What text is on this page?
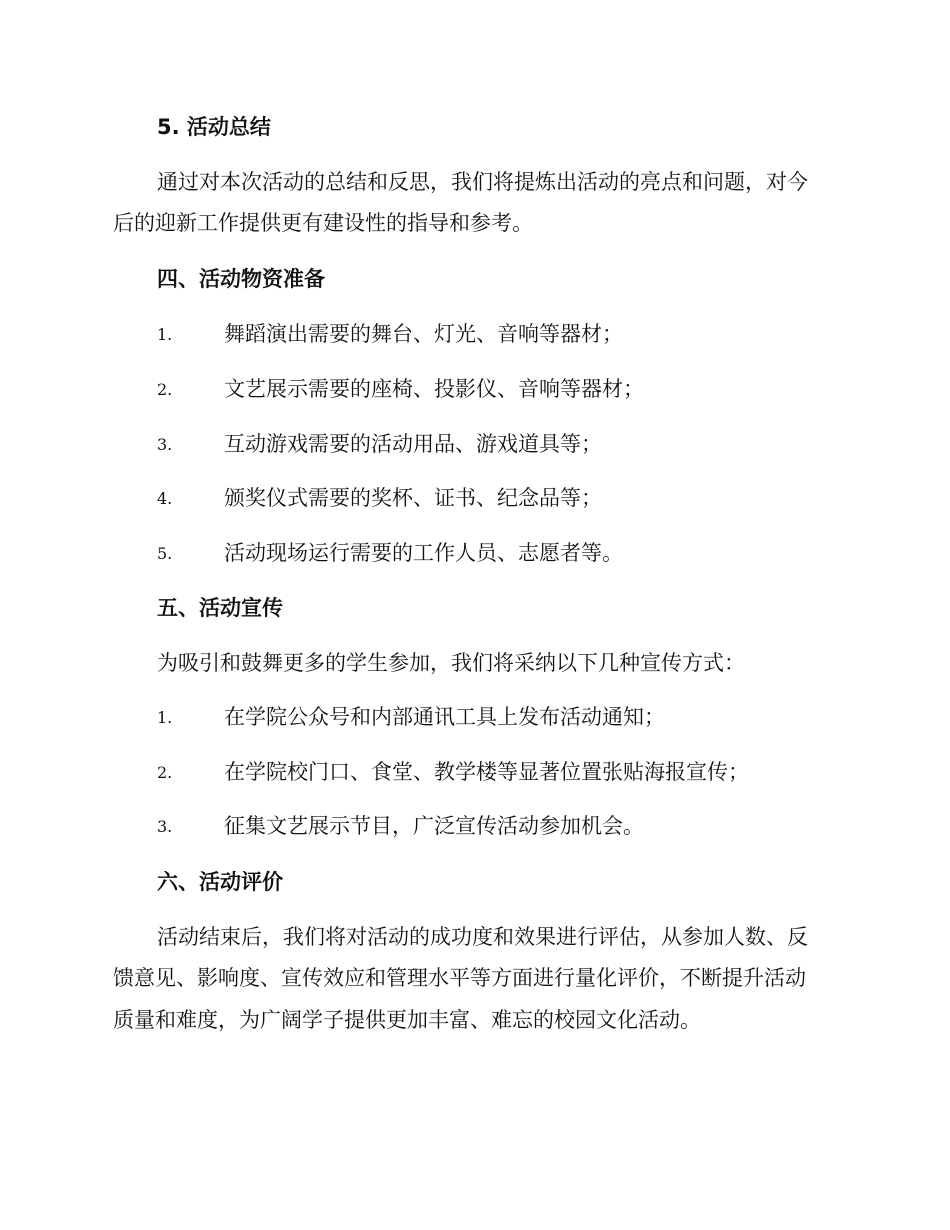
5. 活动总结
通过对本次活动的总结和反思，我们将提炼出活动的亮点和问题，对今
后的迎新工作提供更有建设性的指导和参考。
四、活动物资准备
1. 舞蹈演出需要的舞台、灯光、音响等器材；
2. 文艺展示需要的座椅、投影仪、音响等器材；
3. 互动游戏需要的活动用品、游戏道具等；
4. 颁奖仪式需要的奖杯、证书、纪念品等；
5. 活动现场运行需要的工作人员、志愿者等。
五、活动宣传
为吸引和鼓舞更多的学生参加，我们将采纳以下几种宣传方式：
1. 在学院公众号和内部通讯工具上发布活动通知；
2. 在学院校门口、食堂、教学楼等显著位置张贴海报宣传；
3. 征集文艺展示节目，广泛宣传活动参加机会。
六、活动评价
活动结束后，我们将对活动的成功度和效果进行评估，从参加人数、反
馈意见、影响度、宣传效应和管理水平等方面进行量化评价，不断提升活动
质量和难度，为广阔学子提供更加丰富、难忘的校园文化活动。
